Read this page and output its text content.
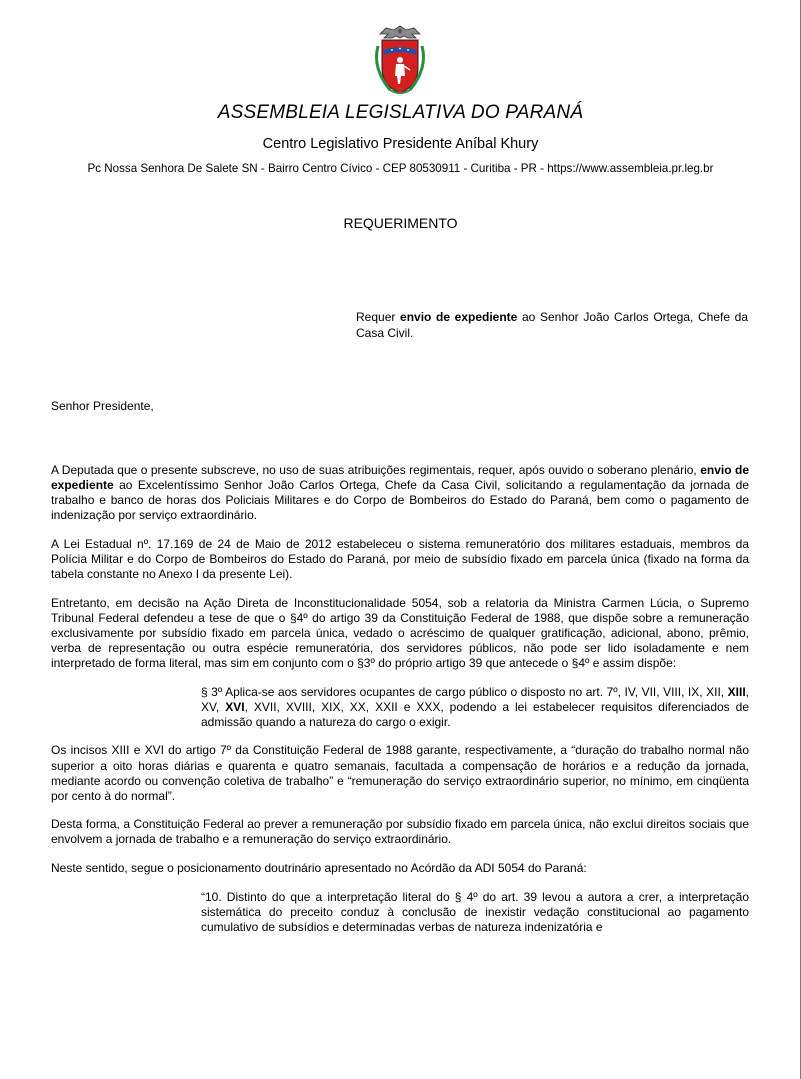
ASSEMBLEIA LEGISLATIVA DO PARANÁ
Centro Legislativo Presidente Aníbal Khury
Pc Nossa Senhora De Salete SN - Bairro Centro Cívico - CEP 80530911 - Curitiba - PR - https://www.assembleia.pr.leg.br
REQUERIMENTO
Requer envio de expediente ao Senhor João Carlos Ortega, Chefe da Casa Civil.
Senhor Presidente,

A Deputada que o presente subscreve, no uso de suas atribuições regimentais, requer, após ouvido o soberano plenário, envio de expediente ao Excelentíssimo Senhor João Carlos Ortega, Chefe da Casa Civil, solicitando a regulamentação da jornada de trabalho e banco de horas dos Policiais Militares e do Corpo de Bombeiros do Estado do Paraná, bem como o pagamento de indenização por serviço extraordinário.

A Lei Estadual nº. 17.169 de 24 de Maio de 2012 estabeleceu o sistema remuneratório dos militares estaduais, membros da Polícia Militar e do Corpo de Bombeiros do Estado do Paraná, por meio de subsídio fixado em parcela única (fixado na forma da tabela constante no Anexo I da presente Lei).

Entretanto, em decisão na Ação Direta de Inconstitucionalidade 5054, sob a relatoria da Ministra Carmen Lúcia, o Supremo Tribunal Federal defendeu a tese de que o §4º do artigo 39 da Constituição Federal de 1988, que dispõe sobre a remuneração exclusivamente por subsídio fixado em parcela única, vedado o acréscimo de qualquer gratificação, adicional, abono, prêmio, verba de representação ou outra espécie remuneratória, dos servidores públicos, não pode ser lido isoladamente e nem interpretado de forma literal, mas sim em conjunto com o §3º do próprio artigo 39 que antecede o §4º e assim dispõe:

§ 3º Aplica-se aos servidores ocupantes de cargo público o disposto no art. 7º, IV, VII, VIII, IX, XII, XIII, XV, XVI, XVII, XVIII, XIX, XX, XXII e XXX, podendo a lei estabelecer requisitos diferenciados de admissão quando a natureza do cargo o exigir.

Os incisos XIII e XVI do artigo 7º da Constituição Federal de 1988 garante, respectivamente, a “duração do trabalho normal não superior a oito horas diárias e quarenta e quatro semanais, facultada a compensação de horários e a redução da jornada, mediante acordo ou convenção coletiva de trabalho” e “remuneração do serviço extraordinário superior, no mínimo, em cinqüenta por cento à do normal”.

Desta forma, a Constituição Federal ao prever a remuneração por subsídio fixado em parcela única, não exclui direitos sociais que envolvem a jornada de trabalho e a remuneração do serviço extraordinário.

Neste sentido, segue o posicionamento doutrinário apresentado no Acórdão da ADI 5054 do Paraná:

“10. Distinto do que a interpretação literal do § 4º do art. 39 levou a autora a crer, a interpretação sistemática do preceito conduz à conclusão de inexistir vedação constitucional ao pagamento cumulativo de subsídios e determinadas verbas de natureza indenizatória e
